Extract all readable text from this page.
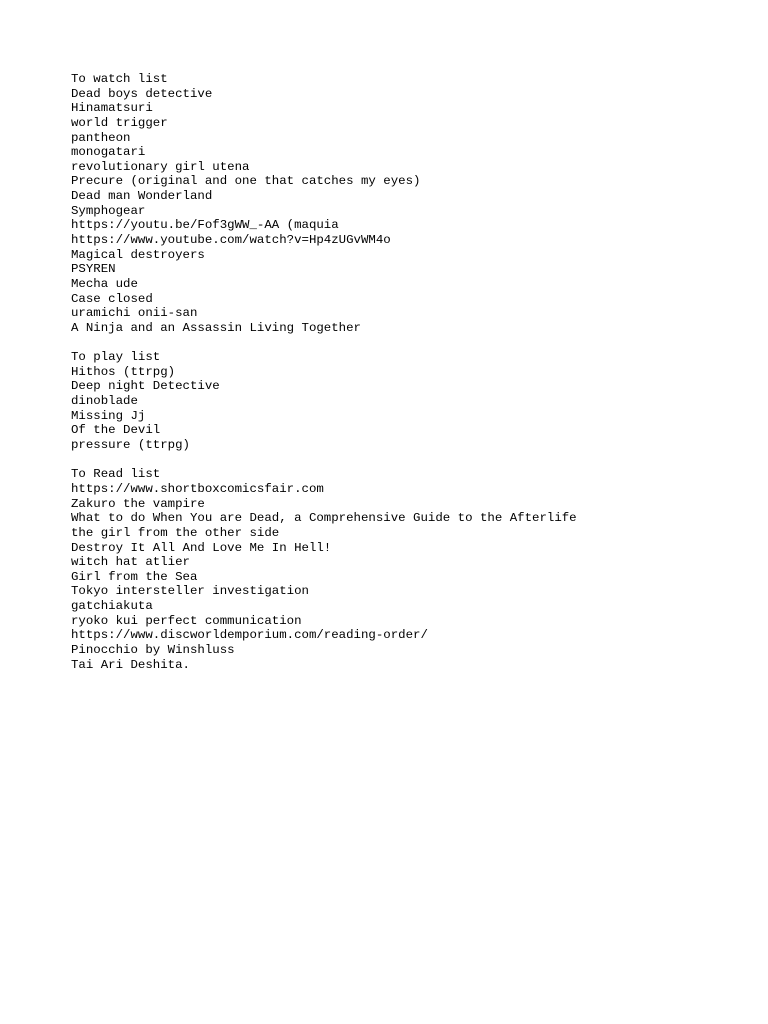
To watch list
Dead boys detective
Hinamatsuri
world trigger
pantheon
monogatari
revolutionary girl utena
Precure (original and one that catches my eyes)
Dead man Wonderland
Symphogear
https://youtu.be/Fof3gWW_-AA (maquia
https://www.youtube.com/watch?v=Hp4zUGvWM4o
Magical destroyers
PSYREN
Mecha ude
Case closed
uramichi onii-san
A Ninja and an Assassin Living Together
To play list
Hithos (ttrpg)
Deep night Detective
dinoblade
Missing Jj
Of the Devil
pressure (ttrpg)
To Read list
https://www.shortboxcomicsfair.com
Zakuro the vampire
What to do When You are Dead, a Comprehensive Guide to the Afterlife
the girl from the other side
Destroy It All And Love Me In Hell!
witch hat atlier
Girl from the Sea
Tokyo intersteller investigation
gatchiakuta
ryoko kui perfect communication
https://www.discworldemporium.com/reading-order/
Pinocchio by Winshluss
Tai Ari Deshita.
